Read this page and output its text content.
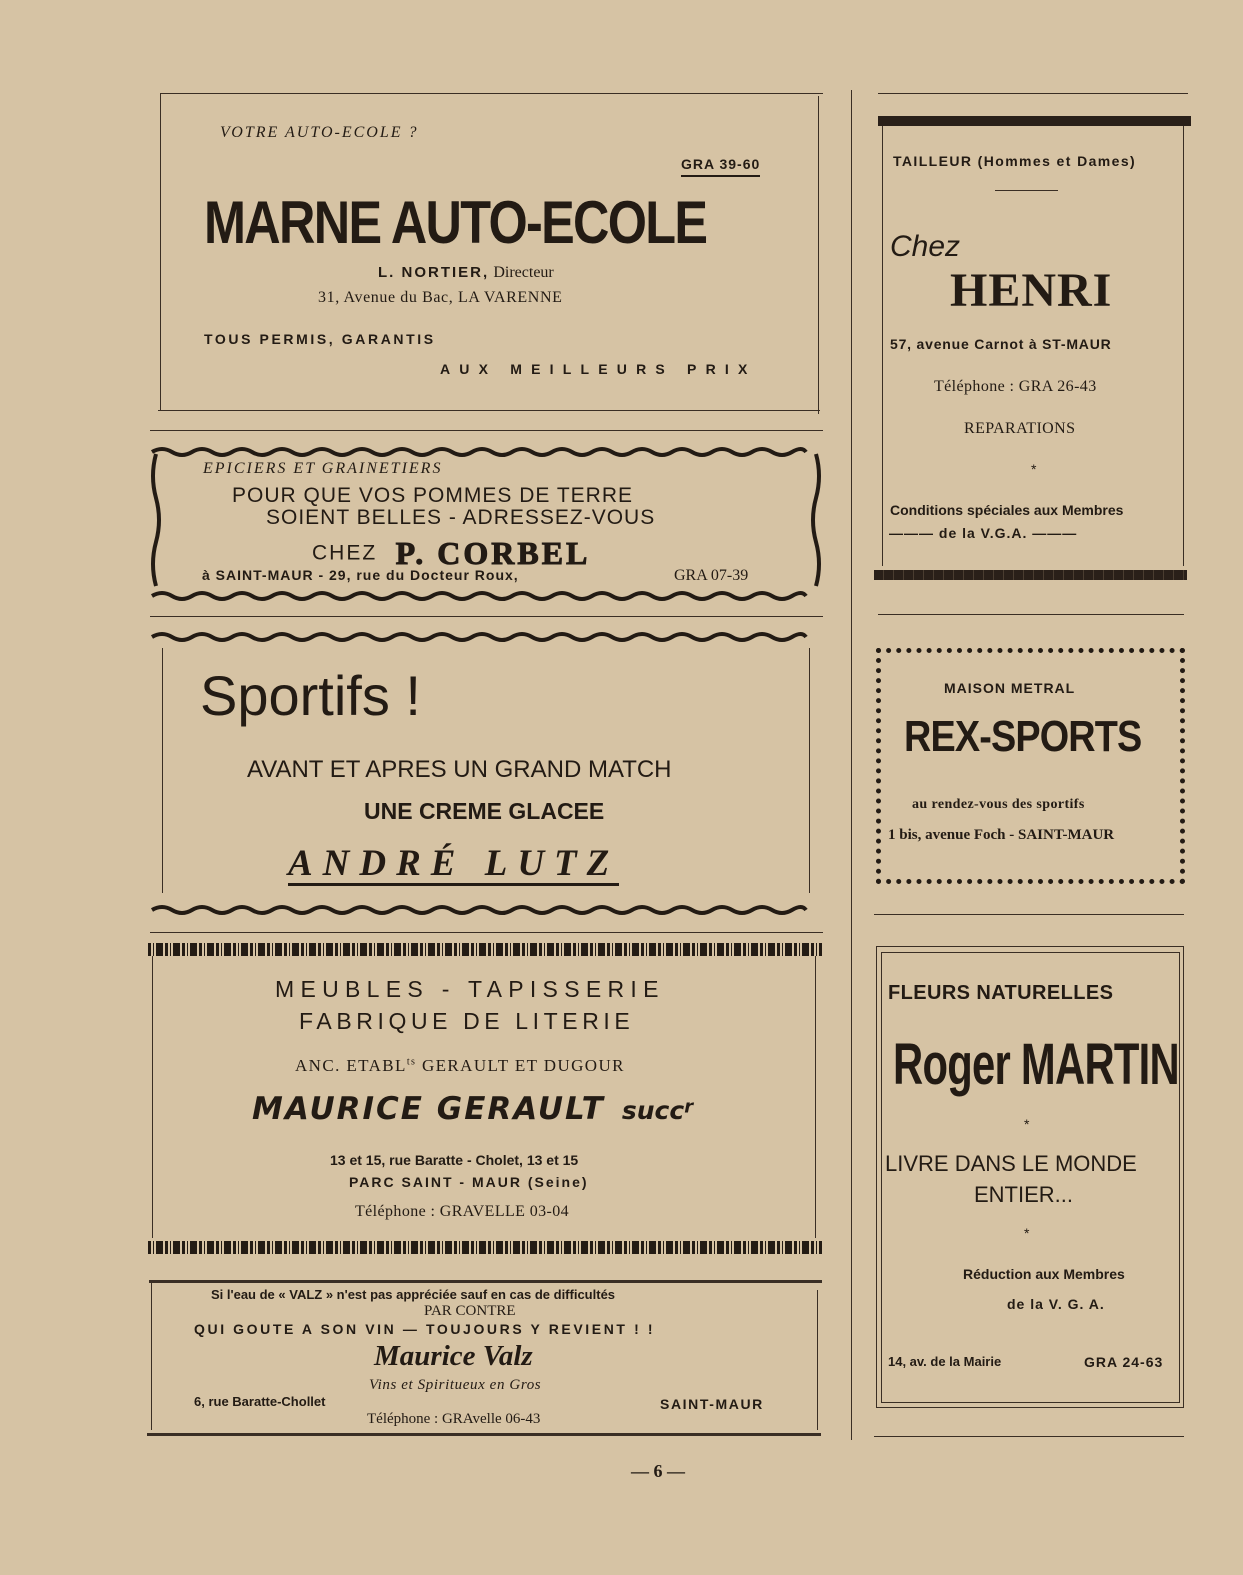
VOTRE AUTO-ECOLE ?
GRA 39-60
MARNE AUTO-ECOLE
L. NORTIER, Directeur
31, Avenue du Bac, LA VARENNE
TOUS PERMIS, GARANTIS
AUX MEILLEURS PRIX
EPICIERS ET GRAINETIERS
POUR QUE VOS POMMES DE TERRE
SOIENT BELLES - ADRESSEZ-VOUS
CHEZ P. CORBEL
à SAINT-MAUR - 29, rue du Docteur Roux,	GRA 07-39
Sportifs !
AVANT ET APRES UN GRAND MATCH
UNE CREME GLACEE
ANDRÉ LUTZ
MEUBLES - TAPISSERIE
FABRIQUE DE LITERIE
ANC. $ETABL^{ts}$ GERAULT ET DUGOUR
MAURICE GERAULT succ$^r$
13 et 15, rue Baratte - Cholet, 13 et 15
PARC SAINT - MAUR (Seine)
Téléphone : GRAVELLE 03-04
Si l'eau de « VALZ » n'est pas appréciée sauf en cas de difficultés
PAR CONTRE
QUI GOUTE A SON VIN — TOUJOURS Y REVIENT ! !
Maurice Valz
Vins et Spiritueux en Gros
6, rue Baratte-Chollet	SAINT-MAUR
Téléphone : GRAvelle 06-43
TAILLEUR (Hommes et Dames)
Chez
HENRI
57, avenue Carnot à ST-MAUR
Téléphone : GRA 26-43
REPARATIONS
*
Conditions spéciales aux Membres
——— de la V.G.A. ———
MAISON METRAL
REX-SPORTS
au rendez-vous des sportifs
1 bis, avenue Foch - SAINT-MAUR
FLEURS NATURELLES
Roger MARTIN
*
LIVRE DANS LE MONDE
ENTIER...
*
Réduction aux Membres
de la V. G. A.
14, av. de la Mairie	GRA 24-63
— 6 —
